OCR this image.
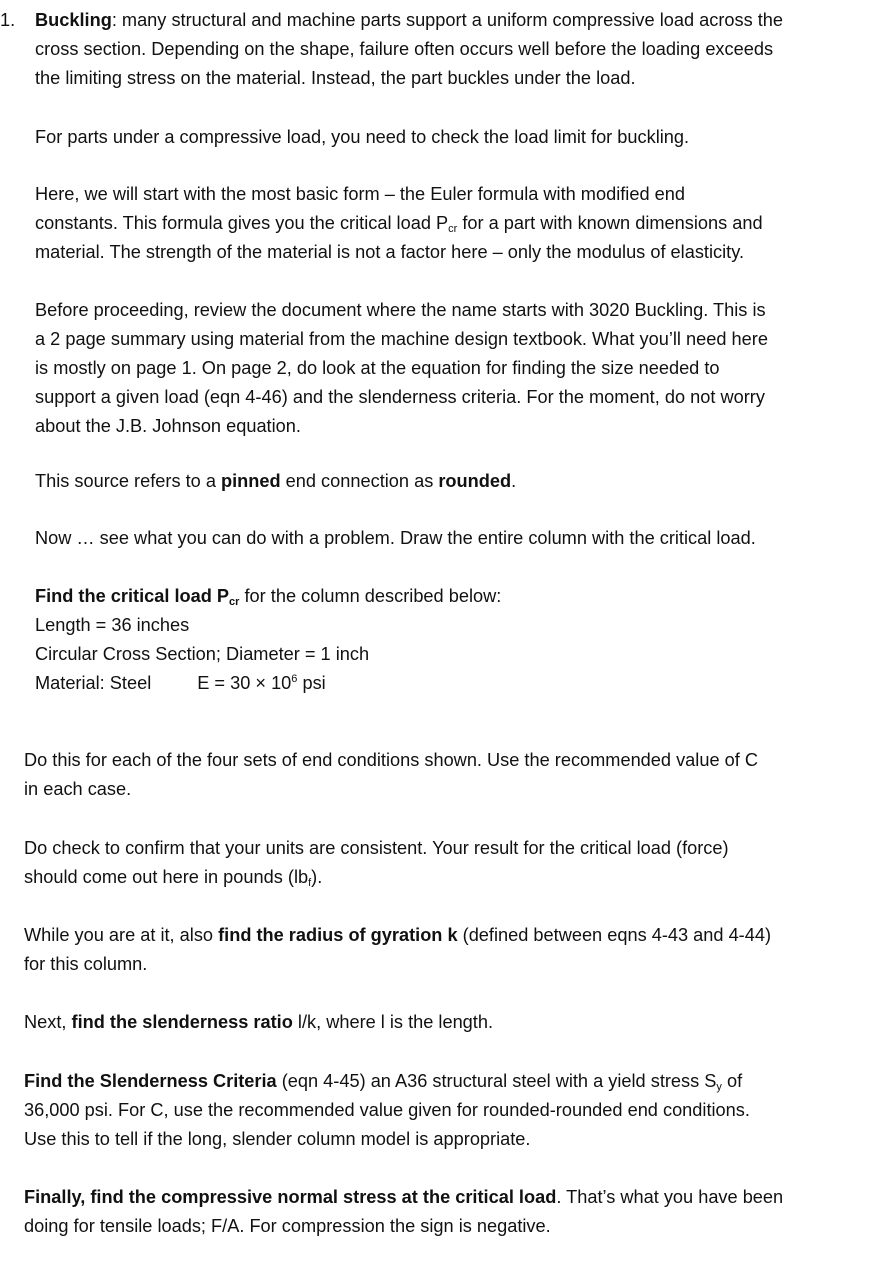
1. Buckling: many structural and machine parts support a uniform compressive load across the
cross section. Depending on the shape, failure often occurs well before the loading exceeds
the limiting stress on the material. Instead, the part buckles under the load.

For parts under a compressive load, you need to check the load limit for buckling.

Here, we will start with the most basic form – the Euler formula with modified end
constants. This formula gives you the critical load $P_{cr}$ for a part with known dimensions and
material. The strength of the material is not a factor here – only the modulus of elasticity.

Before proceeding, review the document where the name starts with 3020 Buckling. This is
a 2 page summary using material from the machine design textbook. What you’ll need here
is mostly on page 1. On page 2, do look at the equation for finding the size needed to
support a given load (eqn 4-46) and the slenderness criteria. For the moment, do not worry
about the J.B. Johnson equation.

This source refers to a pinned end connection as rounded.

Now … see what you can do with a problem. Draw the entire column with the critical load.

Find the critical load $P_{cr}$ for the column described below:
Length = 36 inches
Circular Cross Section; Diameter = 1 inch
Material: Steel	$E = 30 \times 10^6$ psi

Do this for each of the four sets of end conditions shown. Use the recommended value of C
in each case.

Do check to confirm that your units are consistent. Your result for the critical load (force)
should come out here in pounds $(lb_f)$.

While you are at it, also find the radius of gyration k (defined between eqns 4-43 and 4-44)
for this column.

Next, find the slenderness ratio l/k, where l is the length.

Find the Slenderness Criteria (eqn 4-45) an A36 structural steel with a yield stress $S_y$ of
36,000 psi. For C, use the recommended value given for rounded-rounded end conditions.
Use this to tell if the long, slender column model is appropriate.

Finally, find the compressive normal stress at the critical load. That’s what you have been
doing for tensile loads; F/A. For compression the sign is negative.
